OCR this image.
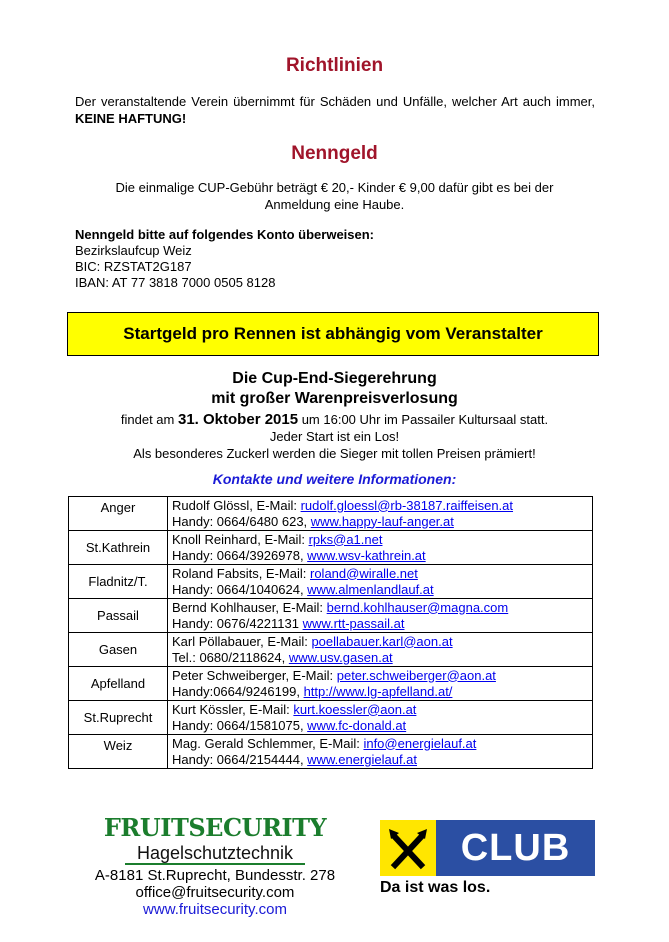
Richtlinien
Der veranstaltende Verein übernimmt für Schäden und Unfälle, welcher Art auch immer, KEINE HAFTUNG!
Nenngeld
Die einmalige CUP-Gebühr beträgt € 20,- Kinder € 9,00 dafür gibt es bei der
Anmeldung eine Haube.
Nenngeld bitte auf folgendes Konto überweisen:
Bezirkslaufcup Weiz
BIC: RZSTAT2G187
IBAN: AT 77 3818 7000 0505 8128
Startgeld pro Rennen ist abhängig vom Veranstalter
Die Cup-End-Siegerehrung
mit großer Warenpreisverlosung
findet am 31. Oktober 2015 um 16:00 Uhr im Passailer Kultursaal statt.
Jeder Start ist ein Los!
Als besonderes Zuckerl werden die Sieger mit tollen Preisen prämiert!
Kontakte und weitere Informationen:
Anger	Rudolf Glössl, E-Mail: rudolf.gloessl@rb-38187.raiffeisen.at
Handy: 0664/6480 623, www.happy-lauf-anger.at

St.Kathrein	Knoll Reinhard, E-Mail: rpks@a1.net
Handy: 0664/3926978, www.wsv-kathrein.at

Fladnitz/T.	Roland Fabsits, E-Mail: roland@wiralle.net
Handy: 0664/1040624, www.almenlandlauf.at

Passail	Bernd Kohlhauser, E-Mail: bernd.kohlhauser@magna.com
Handy: 0676/4221131 www.rtt-passail.at

Gasen	Karl Pöllabauer, E-Mail: poellabauer.karl@aon.at
Tel.: 0680/2118624, www.usv.gasen.at

Apfelland	Peter Schweiberger, E-Mail: peter.schweiberger@aon.at
Handy:0664/9246199, http://www.lg-apfelland.at/

St.Ruprecht	Kurt Kössler, E-Mail: kurt.koessler@aon.at
Handy: 0664/1581075, www.fc-donald.at

Weiz	Mag. Gerald Schlemmer, E-Mail: info@energielauf.at
Handy: 0664/2154444, www.energielauf.at
FRUITSECURITY
Hagelschutztechnik
A-8181 St.Ruprecht, Bundesstr. 278
office@fruitsecurity.com
www.fruitsecurity.com
CLUB
Da ist was los.
